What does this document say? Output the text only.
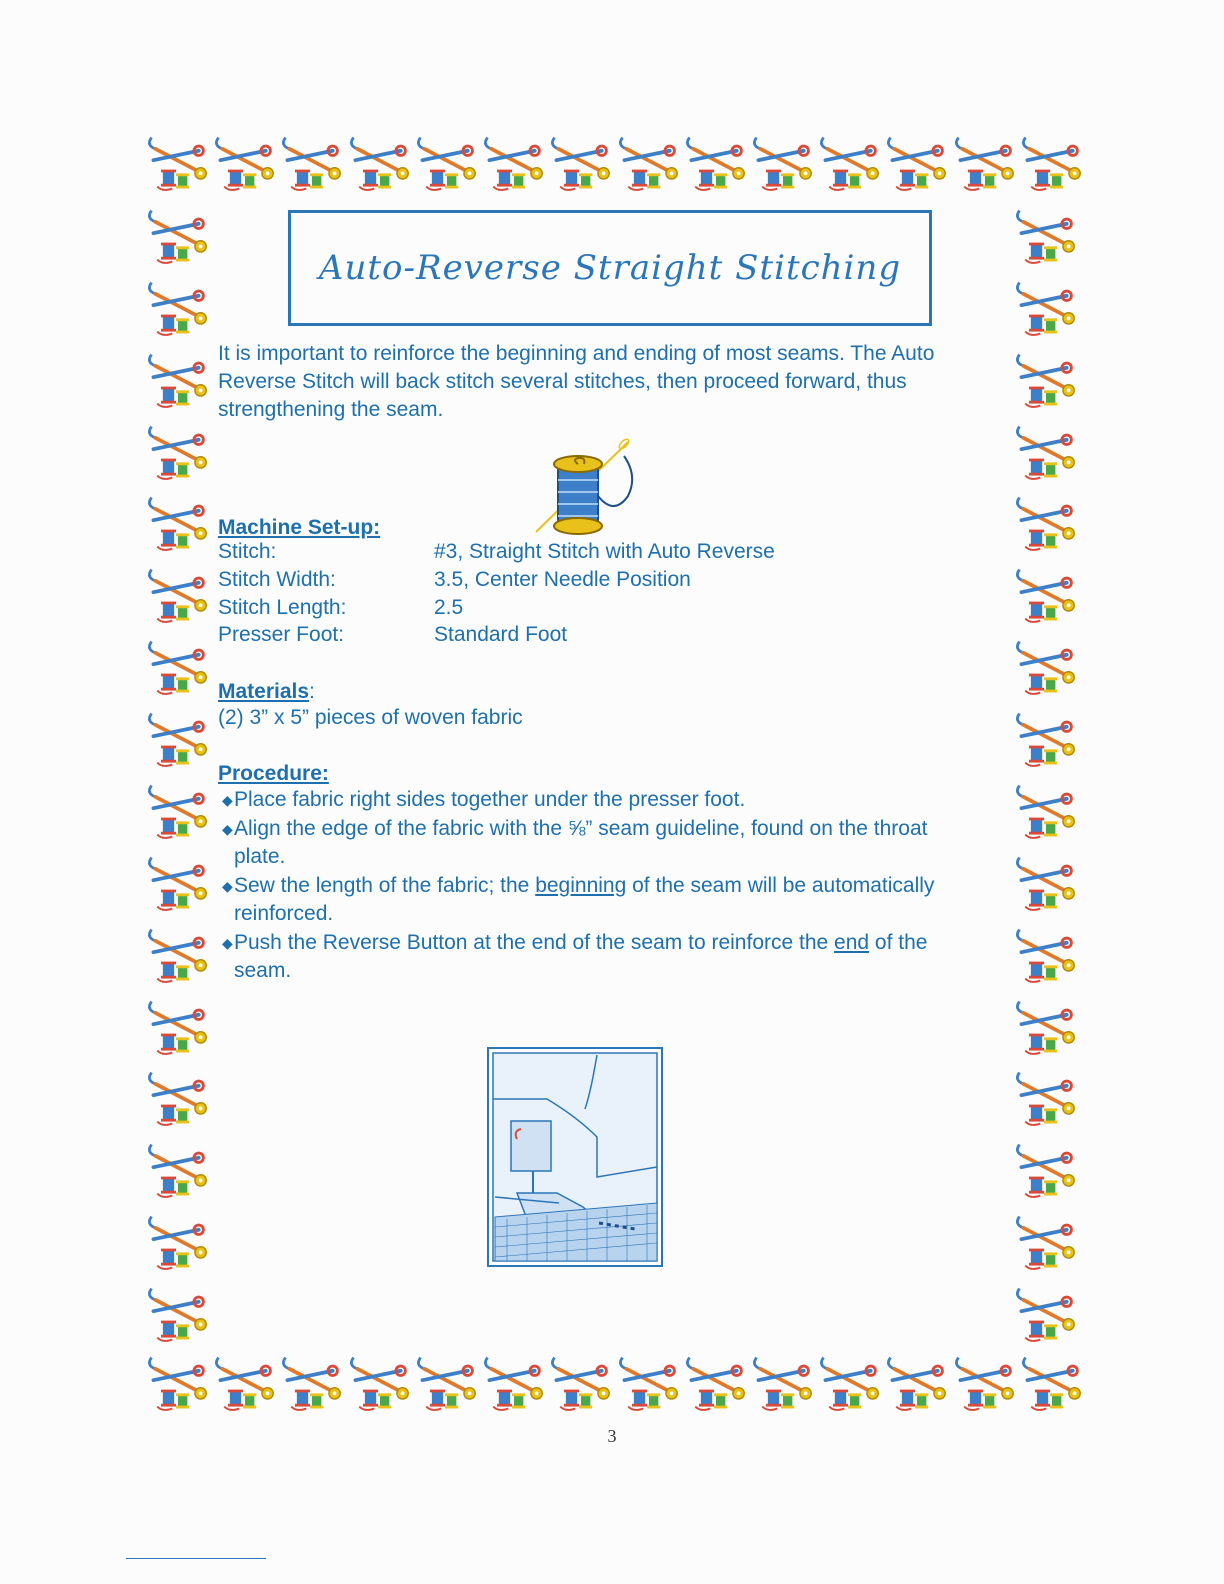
Auto-Reverse Straight Stitching

It is important to reinforce the beginning and ending of most seams. The Auto Reverse Stitch will back stitch several stitches, then proceed forward, thus strengthening the seam.

Machine Set-up:
Stitch:	#3, Straight Stitch with Auto Reverse
Stitch Width:	3.5, Center Needle Position
Stitch Length:	2.5
Presser Foot:	Standard Foot
Materials:
(2) 3” x 5” pieces of woven fabric
Procedure:
◆ Place fabric right sides together under the presser foot.
◆ Align the edge of the fabric with the ⅝” seam guideline, found on the throat plate.
◆ Sew the length of the fabric; the beginning of the seam will be automatically reinforced.
◆ Push the Reverse Button at the end of the seam to reinforce the end of the seam.
3
